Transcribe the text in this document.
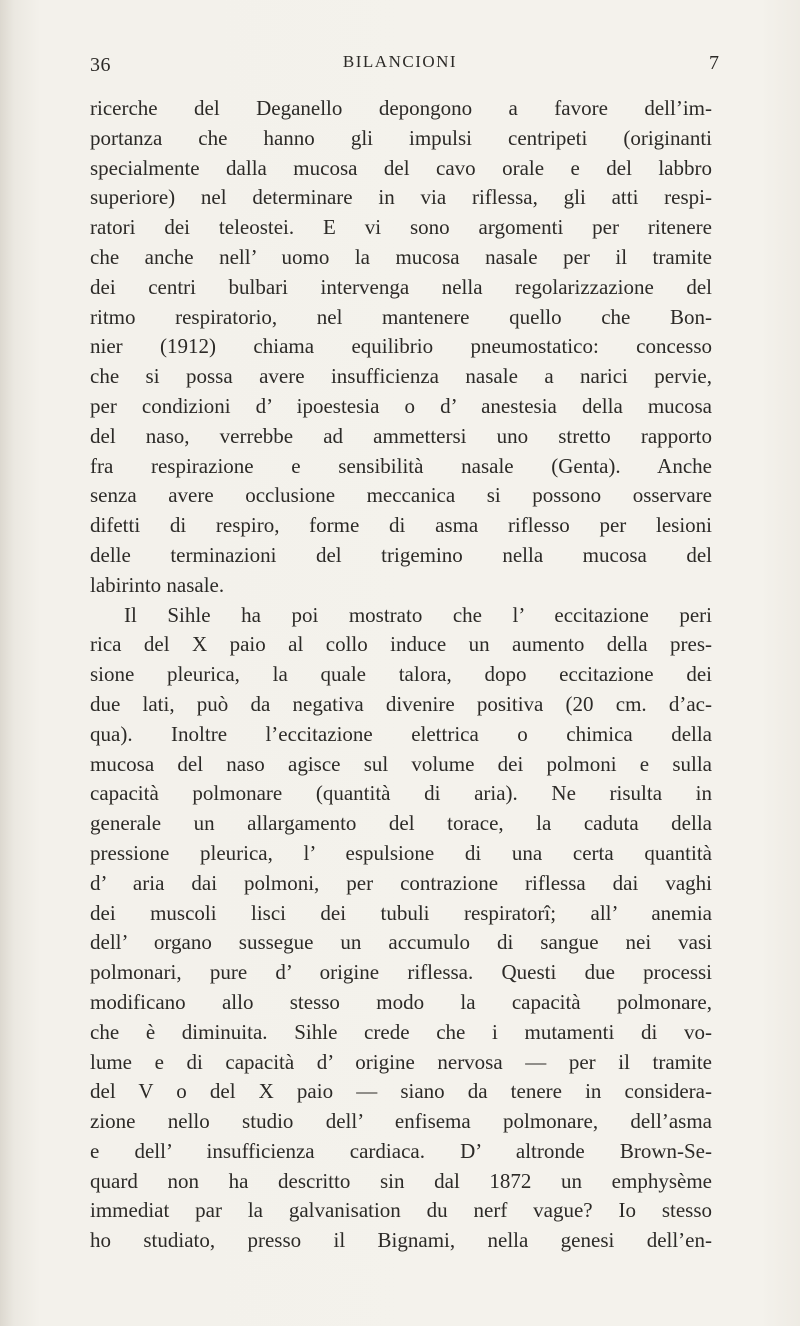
36	BILANCIONI	7
ricerche del Deganello depongono a favore dell’im-
portanza che hanno gli impulsi centripeti (originanti
specialmente dalla mucosa del cavo orale e del labbro
superiore) nel determinare in via riflessa, gli atti respi-
ratori dei teleostei. E vi sono argomenti per ritenere
che anche nell’ uomo la mucosa nasale per il tramite
dei centri bulbari intervenga nella regolarizzazione del
ritmo respiratorio, nel mantenere quello che Bon-
nier (1912) chiama equilibrio pneumostatico: concesso
che si possa avere insufficienza nasale a narici pervie,
per condizioni d’ ipoestesia o d’ anestesia della mucosa
del naso, verrebbe ad ammettersi uno stretto rapporto
fra respirazione e sensibilità nasale (Genta). Anche
senza avere occlusione meccanica si possono osservare
difetti di respiro, forme di asma riflesso per lesioni
delle terminazioni del trigemino nella mucosa del
labirinto nasale.
Il Sihle ha poi mostrato che l’ eccitazione peri
rica del X paio al collo induce un aumento della pres-
sione pleurica, la quale talora, dopo eccitazione dei
due lati, può da negativa divenire positiva (20 cm. d’ac-
qua). Inoltre l’eccitazione elettrica o chimica della
mucosa del naso agisce sul volume dei polmoni e sulla
capacità polmonare (quantità di aria). Ne risulta in
generale un allargamento del torace, la caduta della
pressione pleurica, l’ espulsione di una certa quantità
d’ aria dai polmoni, per contrazione riflessa dai vaghi
dei muscoli lisci dei tubuli respiratorî; all’ anemia
dell’ organo sussegue un accumulo di sangue nei vasi
polmonari, pure d’ origine riflessa. Questi due processi
modificano allo stesso modo la capacità polmonare,
che è diminuita. Sihle crede che i mutamenti di vo-
lume e di capacità d’ origine nervosa — per il tramite
del V o del X paio — siano da tenere in considera-
zione nello studio dell’ enfisema polmonare, dell’asma
e dell’ insufficienza cardiaca. D’ altronde Brown-Se-
quard non ha descritto sin dal 1872 un emphysème
immediat par la galvanisation du nerf vague? Io stesso
ho studiato, presso il Bignami, nella genesi dell’en-
